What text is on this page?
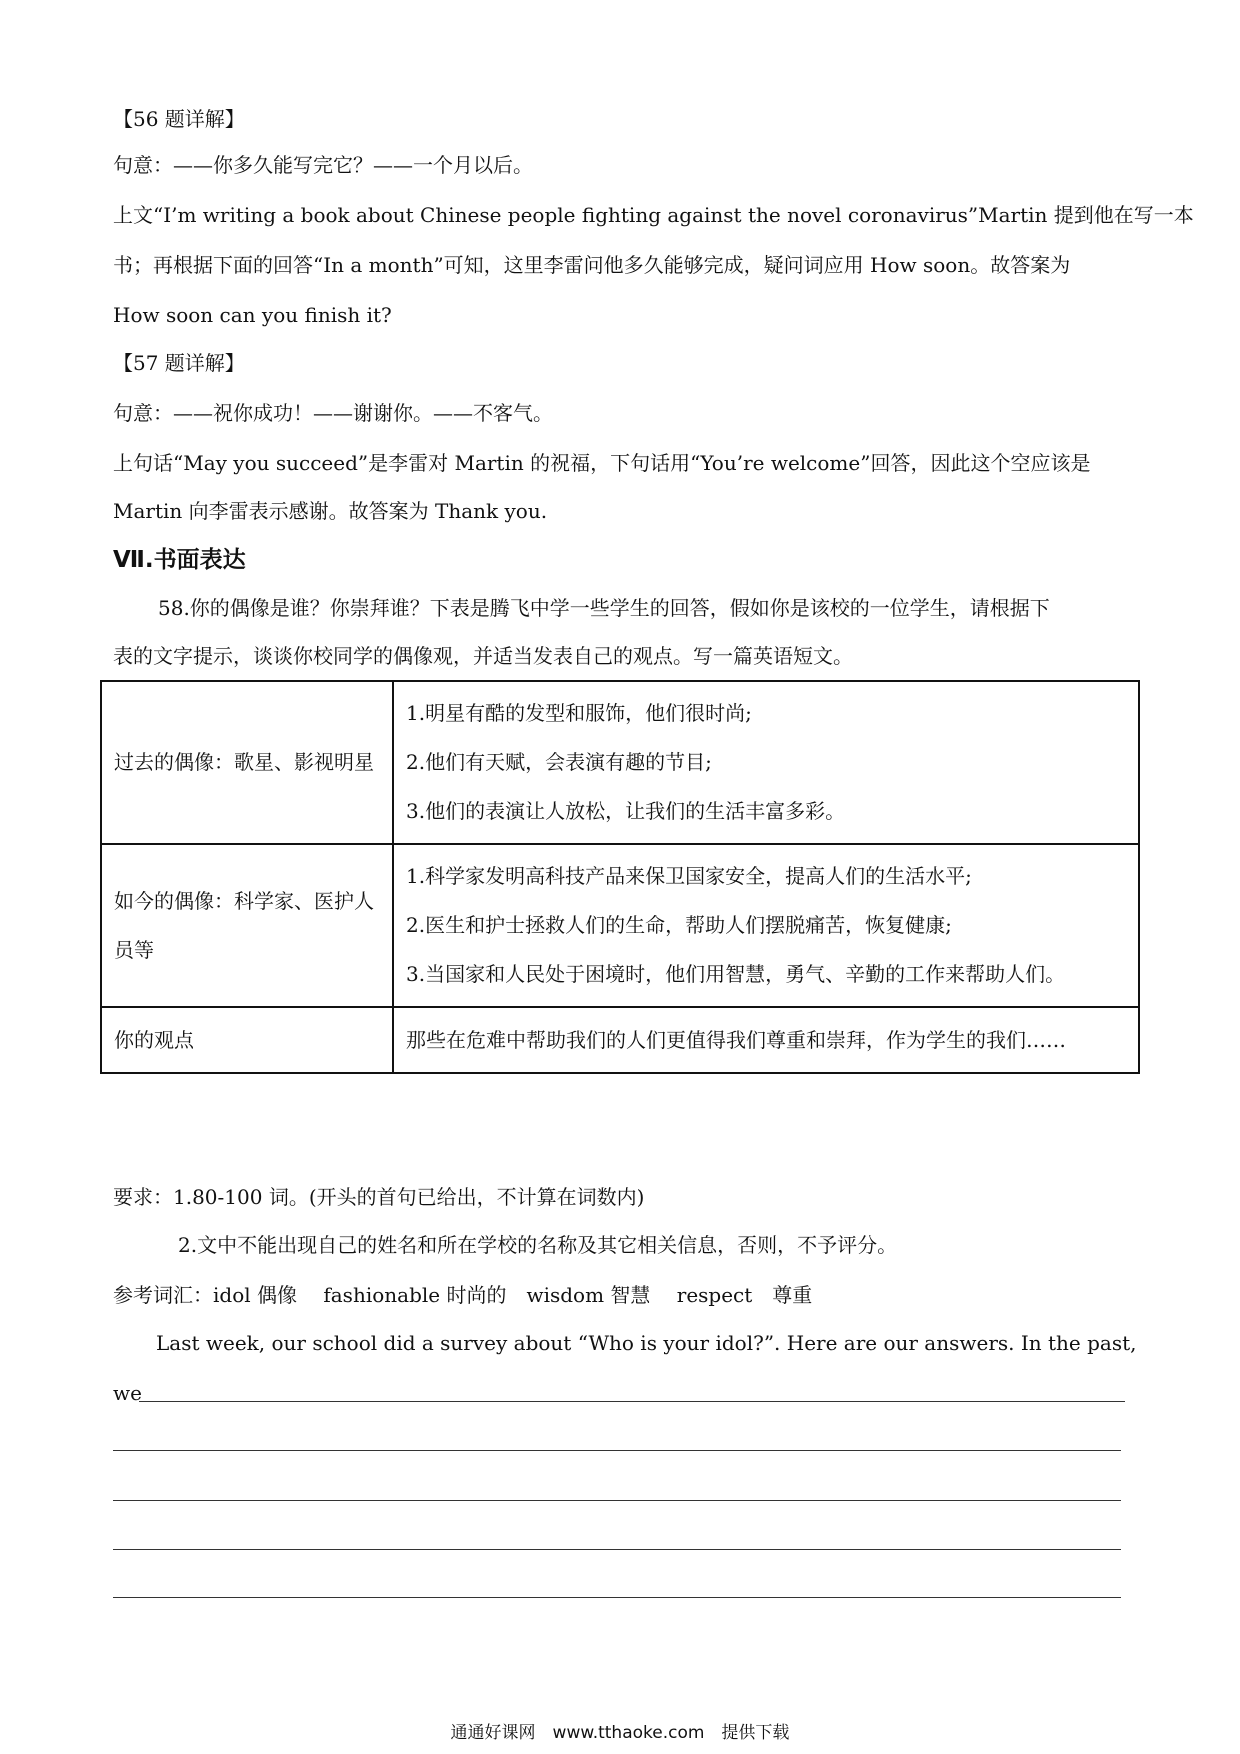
【56 题详解】
句意：——你多久能写完它？——一个月以后。
上文“I’m writing a book about Chinese people fighting against the novel coronavirus”Martin 提到他在写一本
书；再根据下面的回答“In a month”可知，这里李雷问他多久能够完成，疑问词应用 How soon。故答案为
How soon can you finish it?
【57 题详解】
句意：——祝你成功！——谢谢你。——不客气。
上句话“May you succeed”是李雷对 Martin 的祝福，下句话用“You’re welcome”回答，因此这个空应该是
Martin 向李雷表示感谢。故答案为 Thank you.
Ⅶ.书面表达
58.你的偶像是谁？你崇拜谁？下表是腾飞中学一些学生的回答，假如你是该校的一位学生，请根据下
表的文字提示，谈谈你校同学的偶像观，并适当发表自己的观点。写一篇英语短文。
过去的偶像：歌星、影视明星	1.明星有酷的发型和服饰，他们很时尚;
2.他们有天赋，会表演有趣的节目;
3.他们的表演让人放松，让我们的生活丰富多彩。

如今的偶像：科学家、医护人员等	1.科学家发明高科技产品来保卫国家安全，提高人们的生活水平;
2.医生和护士拯救人们的生命，帮助人们摆脱痛苦，恢复健康;
3.当国家和人民处于困境时，他们用智慧，勇气、辛勤的工作来帮助人们。

你的观点	那些在危难中帮助我们的人们更值得我们尊重和崇拜，作为学生的我们……
要求：1.80-100 词。(开头的首句已给出，不计算在词数内)
2.文中不能出现自己的姓名和所在学校的名称及其它相关信息，否则，不予评分。
参考词汇：idol 偶像　 fashionable 时尚的　wisdom 智慧　 respect　尊重
Last week, our school did a survey about “Who is your idol?”. Here are our answers. In the past,
we
通通好课网　www.tthaoke.com　提供下载
